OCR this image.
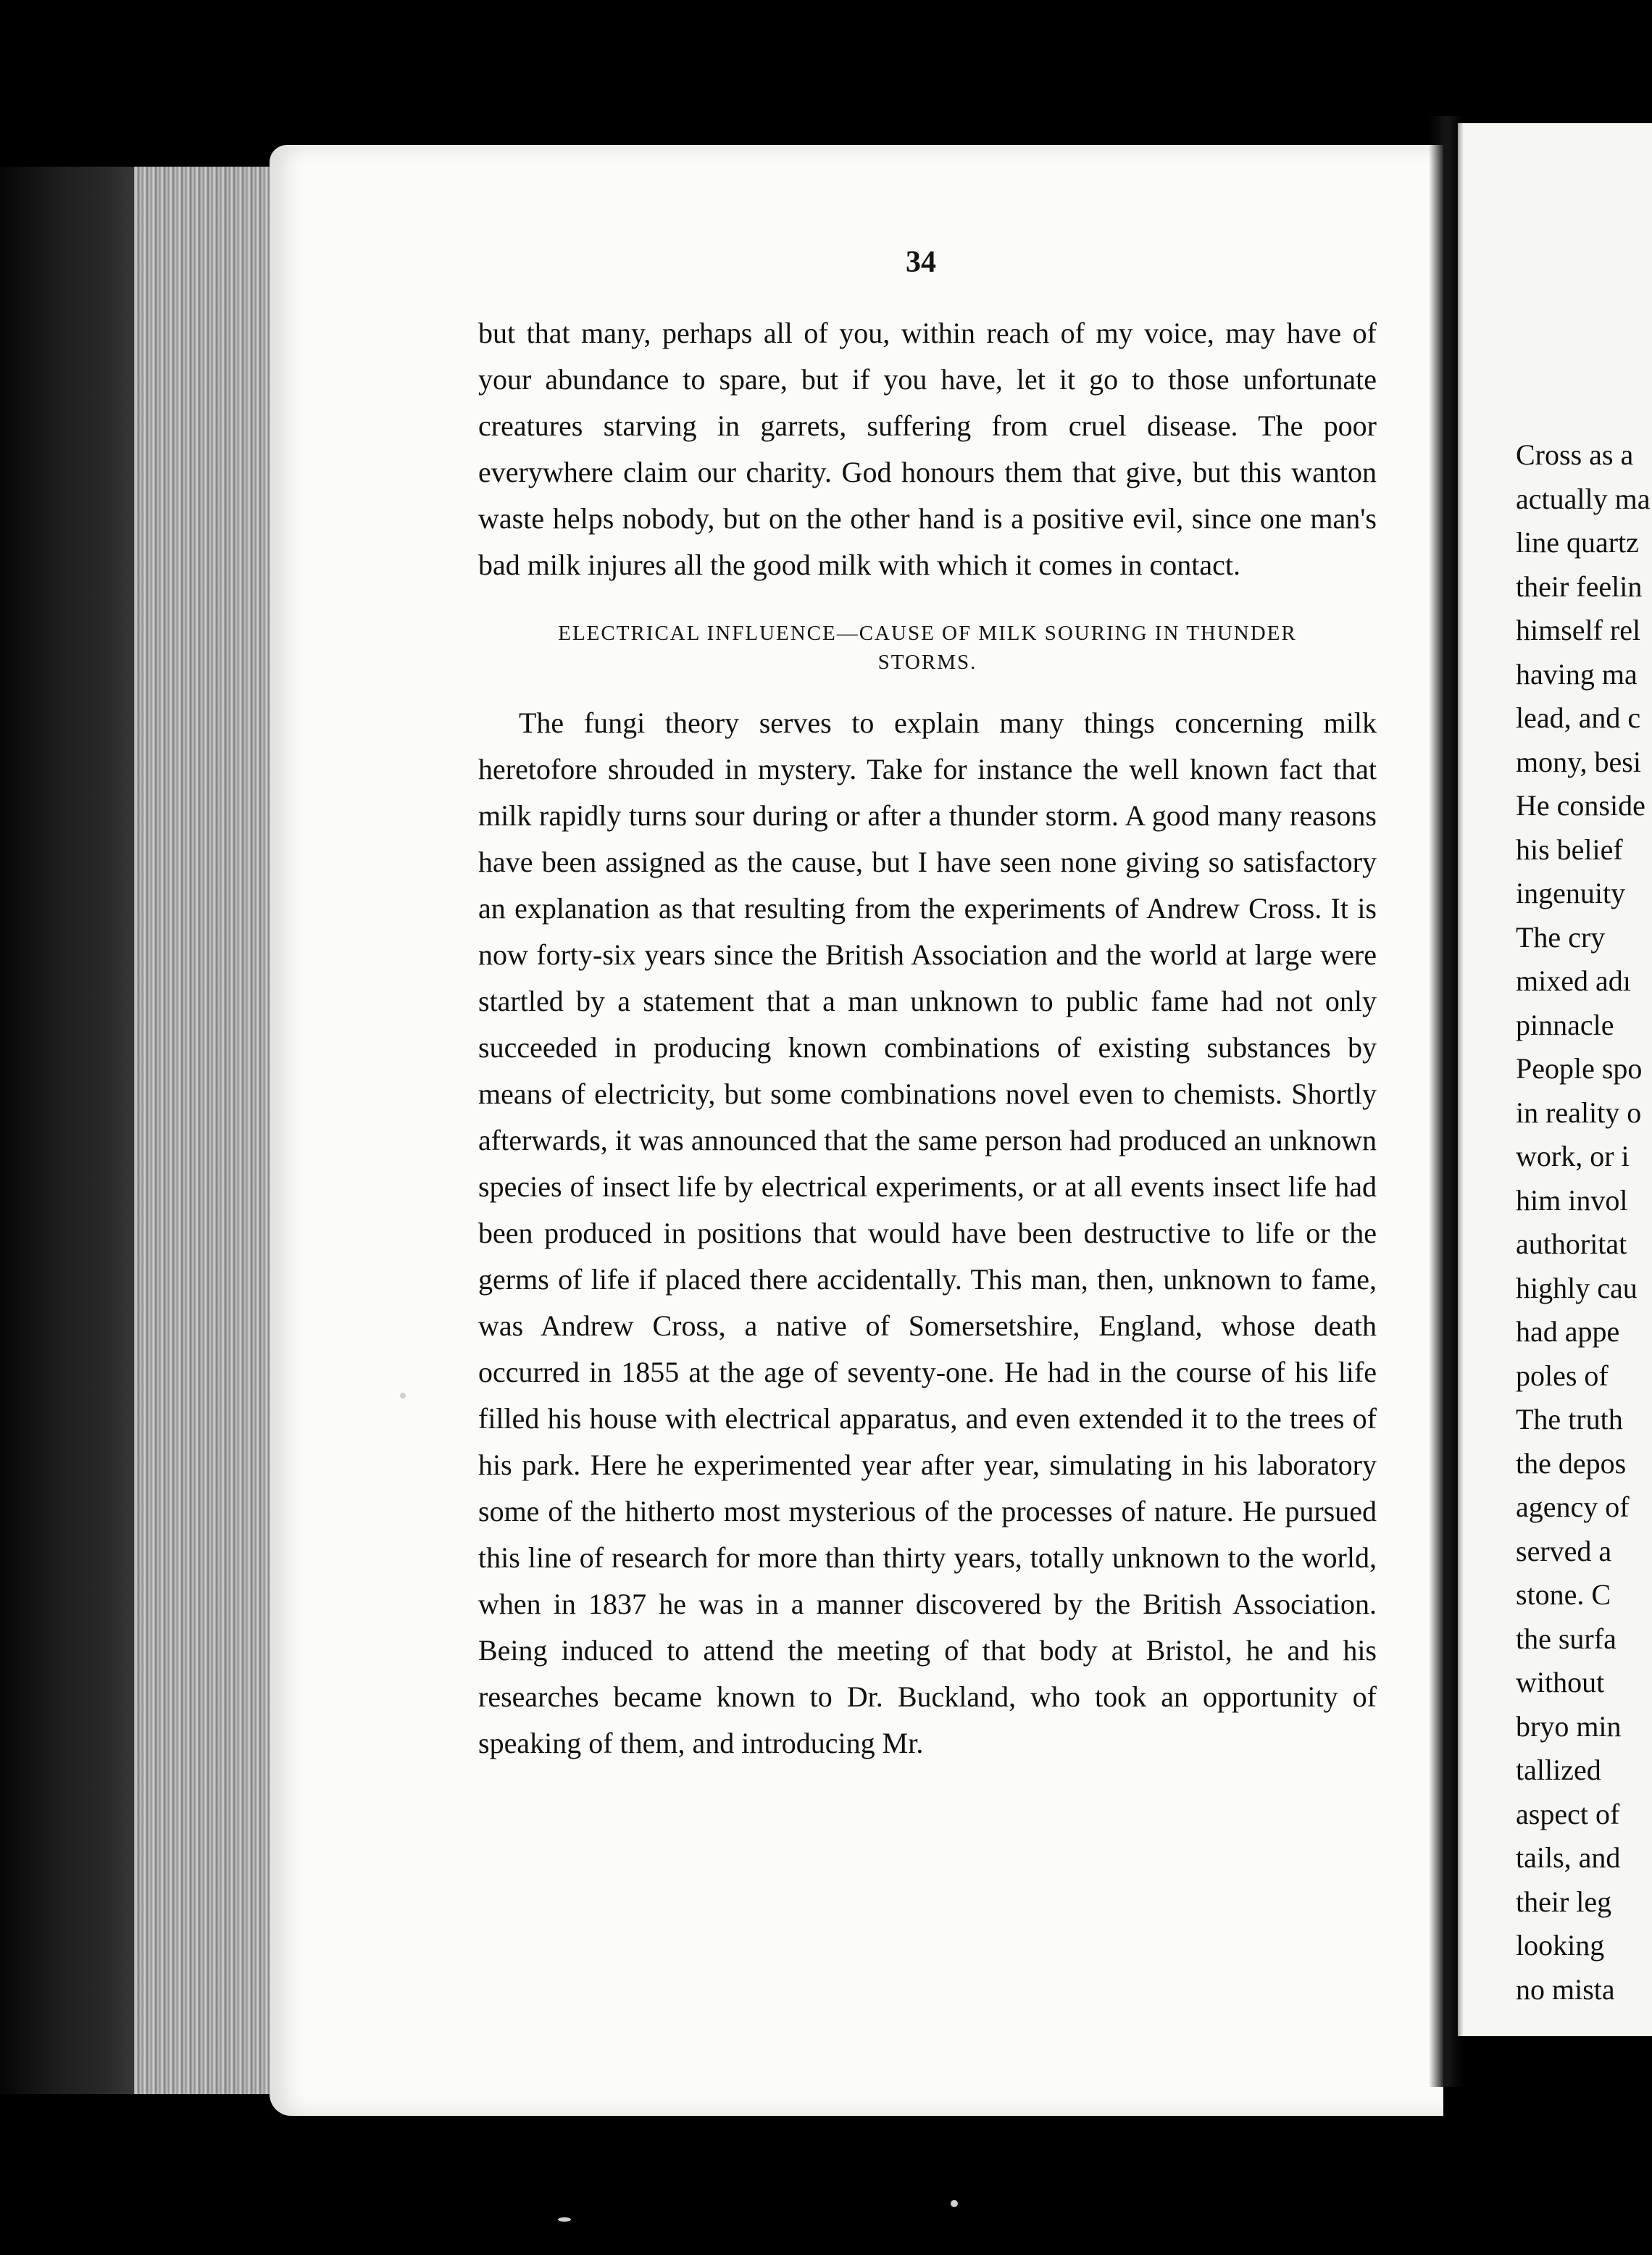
34

but that many, perhaps all of you, within reach of my voice, may have of your abundance to spare, but if you have, let it go to those unfortunate creatures starving in garrets, suffering from cruel disease. The poor everywhere claim our charity. God honours them that give, but this wanton waste helps nobody, but on the other hand is a positive evil, since one man's bad milk injures all the good milk with which it comes in contact.

ELECTRICAL INFLUENCE—CAUSE OF MILK SOURING IN THUNDER
STORMS.

The fungi theory serves to explain many things concerning milk heretofore shrouded in mystery. Take for instance the well known fact that milk rapidly turns sour during or after a thunder storm. A good many reasons have been assigned as the cause, but I have seen none giving so satisfactory an explanation as that resulting from the experiments of Andrew Cross. It is now forty-six years since the British Association and the world at large were startled by a statement that a man unknown to public fame had not only succeeded in producing known combinations of existing substances by means of electricity, but some combinations novel even to chemists. Shortly afterwards, it was announced that the same person had produced an unknown species of insect life by electrical experiments, or at all events insect life had been produced in positions that would have been destructive to life or the germs of life if placed there accidentally. This man, then, unknown to fame, was Andrew Cross, a native of Somersetshire, England, whose death occurred in 1855 at the age of seventy-one. He had in the course of his life filled his house with electrical apparatus, and even extended it to the trees of his park. Here he experimented year after year, simulating in his laboratory some of the hitherto most mysterious of the processes of nature. He pursued this line of research for more than thirty years, totally unknown to the world, when in 1837 he was in a manner discovered by the British Association. Being induced to attend the meeting of that body at Bristol, he and his researches became known to Dr. Buckland, who took an opportunity of speaking of them, and introducing Mr.

Cross as a
actually ma
line quartz
their feelin
himself rel
having ma
lead, and c
mony, besi
He conside
his belief
ingenuity
The cry
mixed adı
pinnacle
People spo
in reality o
work, or i
him invol
authoritat
highly cau
had appe
poles of
The truth
the depos
agency of
served a
stone. C
the surfa
without
bryo min
tallized
aspect of
tails, and
their leg
looking
no mista
